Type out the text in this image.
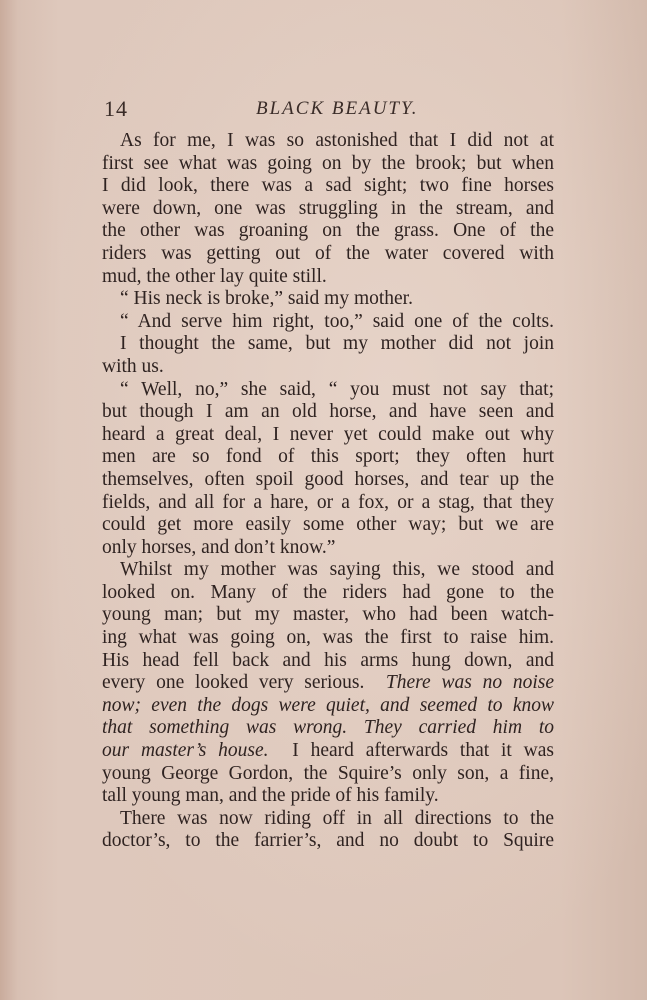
14	BLACK BEAUTY.
As for me, I was so astonished that I did not at
first see what was going on by the brook; but when
I did look, there was a sad sight; two fine horses
were down, one was struggling in the stream, and
the other was groaning on the grass. One of the
riders was getting out of the water covered with
mud, the other lay quite still.
“ His neck is broke,” said my mother.
“ And serve him right, too,” said one of the colts.
I thought the same, but my mother did not join
with us.
“ Well, no,” she said, “ you must not say that;
but though I am an old horse, and have seen and
heard a great deal, I never yet could make out why
men are so fond of this sport; they often hurt
themselves, often spoil good horses, and tear up the
fields, and all for a hare, or a fox, or a stag, that they
could get more easily some other way; but we are
only horses, and don’t know.”
Whilst my mother was saying this, we stood and
looked on. Many of the riders had gone to the
young man; but my master, who had been watch-
ing what was going on, was the first to raise him.
His head fell back and his arms hung down, and
every one looked very serious. There was no noise
now; even the dogs were quiet, and seemed to know
that something was wrong. They carried him to
our master’s house. I heard afterwards that it was
young George Gordon, the Squire’s only son, a fine,
tall young man, and the pride of his family.
There was now riding off in all directions to the
doctor’s, to the farrier’s, and no doubt to Squire
